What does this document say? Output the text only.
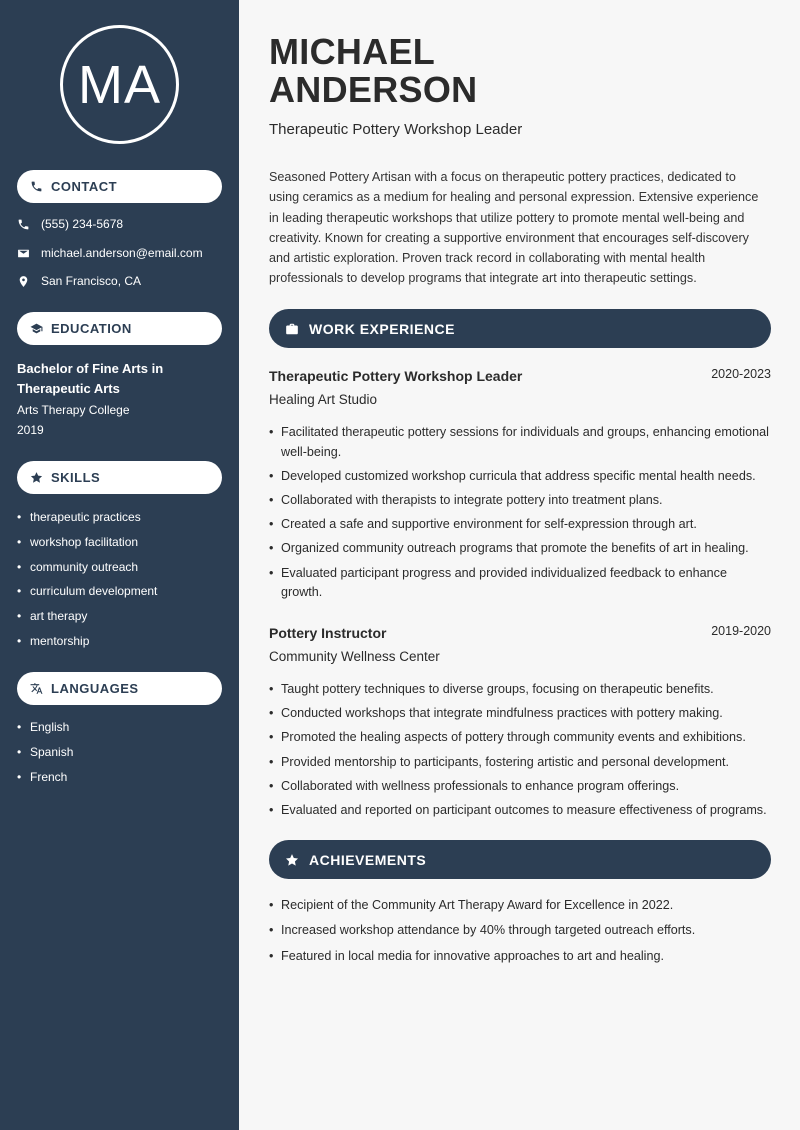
MA
CONTACT
(555) 234-5678
michael.anderson@email.com
San Francisco, CA
EDUCATION
Bachelor of Fine Arts in Therapeutic Arts
Arts Therapy College
2019
SKILLS
• therapeutic practices
• workshop facilitation
• community outreach
• curriculum development
• art therapy
• mentorship
LANGUAGES
• English
• Spanish
• French
MICHAEL
ANDERSON
Therapeutic Pottery Workshop Leader
Seasoned Pottery Artisan with a focus on therapeutic pottery practices, dedicated to using ceramics as a medium for healing and personal expression. Extensive experience in leading therapeutic workshops that utilize pottery to promote mental well-being and creativity. Known for creating a supportive environment that encourages self-discovery and artistic exploration. Proven track record in collaborating with mental health professionals to develop programs that integrate art into therapeutic settings.
WORK EXPERIENCE
Therapeutic Pottery Workshop Leader	2020-2023
Healing Art Studio
• Facilitated therapeutic pottery sessions for individuals and groups, enhancing emotional well-being.
• Developed customized workshop curricula that address specific mental health needs.
• Collaborated with therapists to integrate pottery into treatment plans.
• Created a safe and supportive environment for self-expression through art.
• Organized community outreach programs that promote the benefits of art in healing.
• Evaluated participant progress and provided individualized feedback to enhance growth.
Pottery Instructor	2019-2020
Community Wellness Center
• Taught pottery techniques to diverse groups, focusing on therapeutic benefits.
• Conducted workshops that integrate mindfulness practices with pottery making.
• Promoted the healing aspects of pottery through community events and exhibitions.
• Provided mentorship to participants, fostering artistic and personal development.
• Collaborated with wellness professionals to enhance program offerings.
• Evaluated and reported on participant outcomes to measure effectiveness of programs.
ACHIEVEMENTS
• Recipient of the Community Art Therapy Award for Excellence in 2022.
• Increased workshop attendance by 40% through targeted outreach efforts.
• Featured in local media for innovative approaches to art and healing.
